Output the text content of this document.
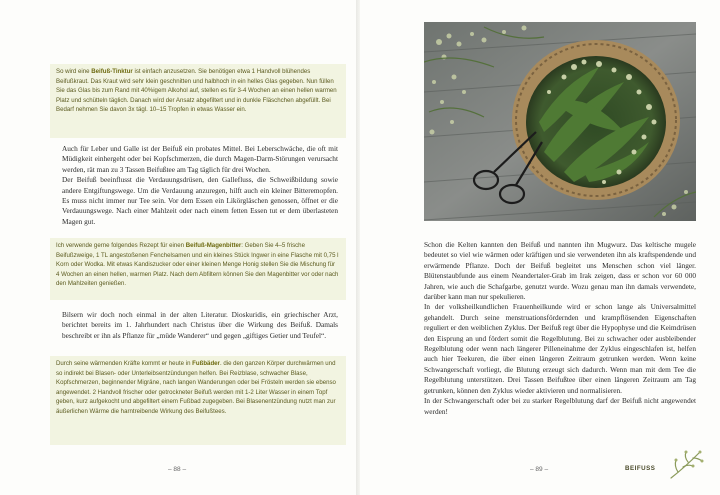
So wird eine Beifuß-Tinktur ist einfach anzusetzen. Sie benötigen etwa 1 Handvoll blühendes Beifußkraut. Das Kraut wird sehr klein geschnitten und halbhoch in ein helles Glas gegeben. Nun füllen Sie das Glas bis zum Rand mit 40%igem Alkohol auf, stellen es für 3-4 Wochen an einen hellen warmen Platz und schütteln täglich. Danach wird der Ansatz abgefiltert und in dunkle Fläschchen abgefüllt. Bei Bedarf nehmen Sie davon 3x tägl. 10–15 Tropfen in etwas Wasser ein.

Auch für Leber und Galle ist der Beifuß ein probates Mittel. Bei Leberschwäche, die oft mit Müdigkeit einhergeht oder bei Kopfschmerzen, die durch Magen-Darm-Störungen verursacht werden, rät man zu 3 Tassen Beifußtee am Tag täglich für drei Wochen.
Der Beifuß beeinflusst die Verdauungsdrüsen, den Gallefluss, die Schweißbildung sowie andere Entgiftungswege. Um die Verdauung anzuregen, hilft auch ein kleiner Bitteremopfen. Es muss nicht immer nur Tee sein. Vor dem Essen ein Likörgläschen genossen, öffnet er die Verdauungswege. Nach einer Mahlzeit oder nach einem fetten Essen tut er dem überlasteten Magen gut.

Ich verwende gerne folgendes Rezept für einen Beifuß-Magenbitter: Geben Sie 4–5 frische Beifußzweige, 1 TL angestoßenen Fenchelsamen und ein kleines Stück Ingwer in eine Flasche mit 0,75 l Korn oder Wodka. Mit etwas Kandiszucker oder einer kleinen Menge Honig stellen Sie die Mischung für 4 Wochen an einen hellen, warmen Platz. Nach dem Abfiltern können Sie den Magenbitter vor oder nach den Mahlzeiten genießen.

Bilsern wir doch noch einmal in der alten Literatur. Dioskuridis, ein griechischer Arzt, berichtet bereits im 1. Jahrhundert nach Christus über die Wirkung des Beifuß. Damals beschreibt er ihn als Pflanze für „müde Wanderer“ und gegen „giftiges Getier und Teufel“.

Durch seine wärmenden Kräfte kommt er heute in Fußbäder. die den ganzen Körper durchwärmen und so indirekt bei Blasen- oder Unterleibsentzündungen helfen. Bei Reizblase, schwacher Blase, Kopfschmerzen, beginnender Migräne, nach langen Wanderungen oder bei Frösteln werden sie ebenso angewendet. 2 Handvoll frischer oder getrockneter Beifuß werden mit 1-2 Liter Wasser in einem Topf geben, kurz aufgekocht und abgefiltert einem Fußbad zugegeben. Bei Blasenentzündung nutzt man zur äußerlichen Wärme die harntreibende Wirkung des Beifußtees.

– 88 –

Schon die Kelten kannten den Beifuß und nannten ihn Mugwurz. Das keltische mugele bedeutet so viel wie wärmen oder kräftigen und sie verwendeten ihn als kraftspendende und erwärmende Pflanze. Doch der Beifuß begleitet uns Menschen schon viel länger. Blütenstaubfunde aus einem Neandertaler-Grab im Irak zeigen, dass er schon vor 60 000 Jahren, wie auch die Schafgarbe, genutzt wurde. Wozu genau man ihn damals verwendete, darüber kann man nur spekulieren.

In der volksheilkundlichen Frauenheilkunde wird er schon lange als Universalmittel gehandelt. Durch seine menstruationsfördernden und krampflösenden Eigenschaften reguliert er den weiblichen Zyklus. Der Beifuß regt über die Hypophyse und die Keimdrüsen den Eisprung an und fördert somit die Regelblutung. Bei zu schwacher oder ausbleibender Regelblutung oder wenn nach längerer Pilleneinahme der Zyklus eingeschlafen ist, helfen auch hier Teekuren, die über einen längeren Zeitraum getrunken werden. Wenn keine Schwangerschaft vorliegt, die Blutung erzeugt sich dadurch. Wenn man mit dem Tee die Regelblutung unterstützen. Drei Tassen Beifußtee über einen längeren Zeitraum am Tag getrunken, können den Zyklus wieder aktivieren und normalisieren.

In der Schwangerschaft oder bei zu starker Regelblutung darf der Beifuß nicht angewendet werden!

– 89 –	BEIFUSS
